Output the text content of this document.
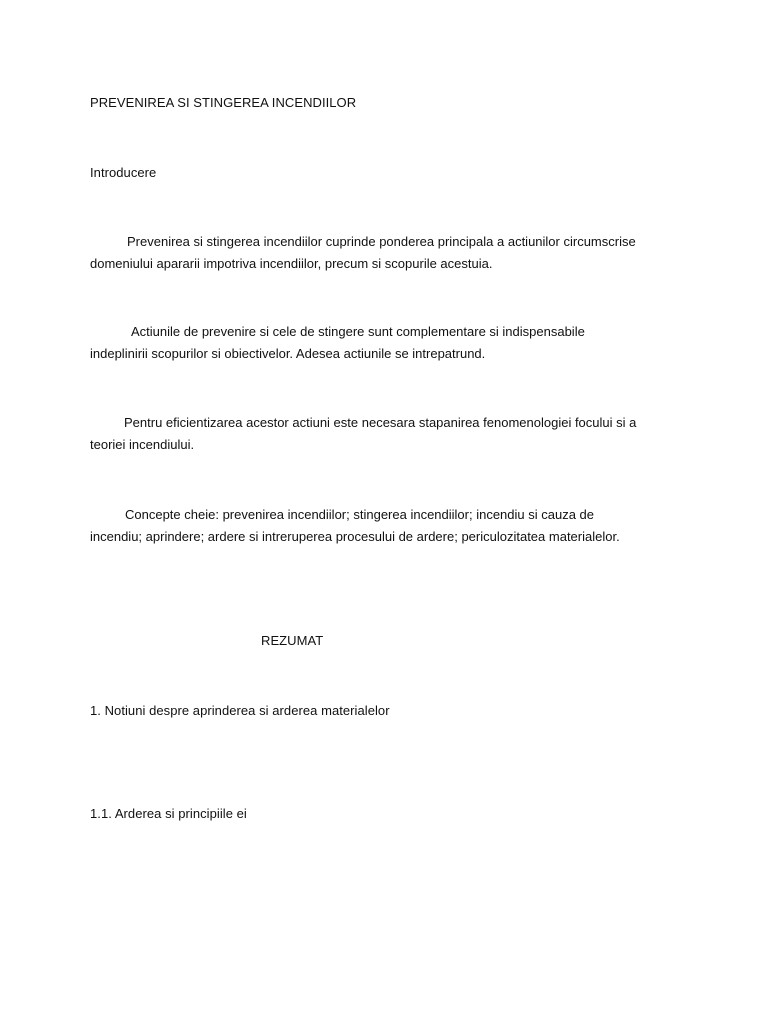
PREVENIREA SI STINGEREA INCENDIILOR
Introducere
Prevenirea si stingerea incendiilor cuprinde ponderea principala a actiunilor circumscrise
domeniului apararii impotriva incendiilor, precum si scopurile acestuia.
Actiunile de prevenire si cele de stingere sunt complementare si indispensabile
indeplinirii scopurilor si obiectivelor. Adesea actiunile se intrepatrund.
Pentru eficientizarea acestor actiuni este necesara stapanirea fenomenologiei focului si a
teoriei incendiului.
Concepte cheie: prevenirea incendiilor; stingerea incendiilor; incendiu si cauza de
incendiu; aprindere; ardere si intreruperea procesului de ardere; periculozitatea materialelor.
REZUMAT
1. Notiuni despre aprinderea si arderea materialelor
1.1. Arderea si principiile ei
